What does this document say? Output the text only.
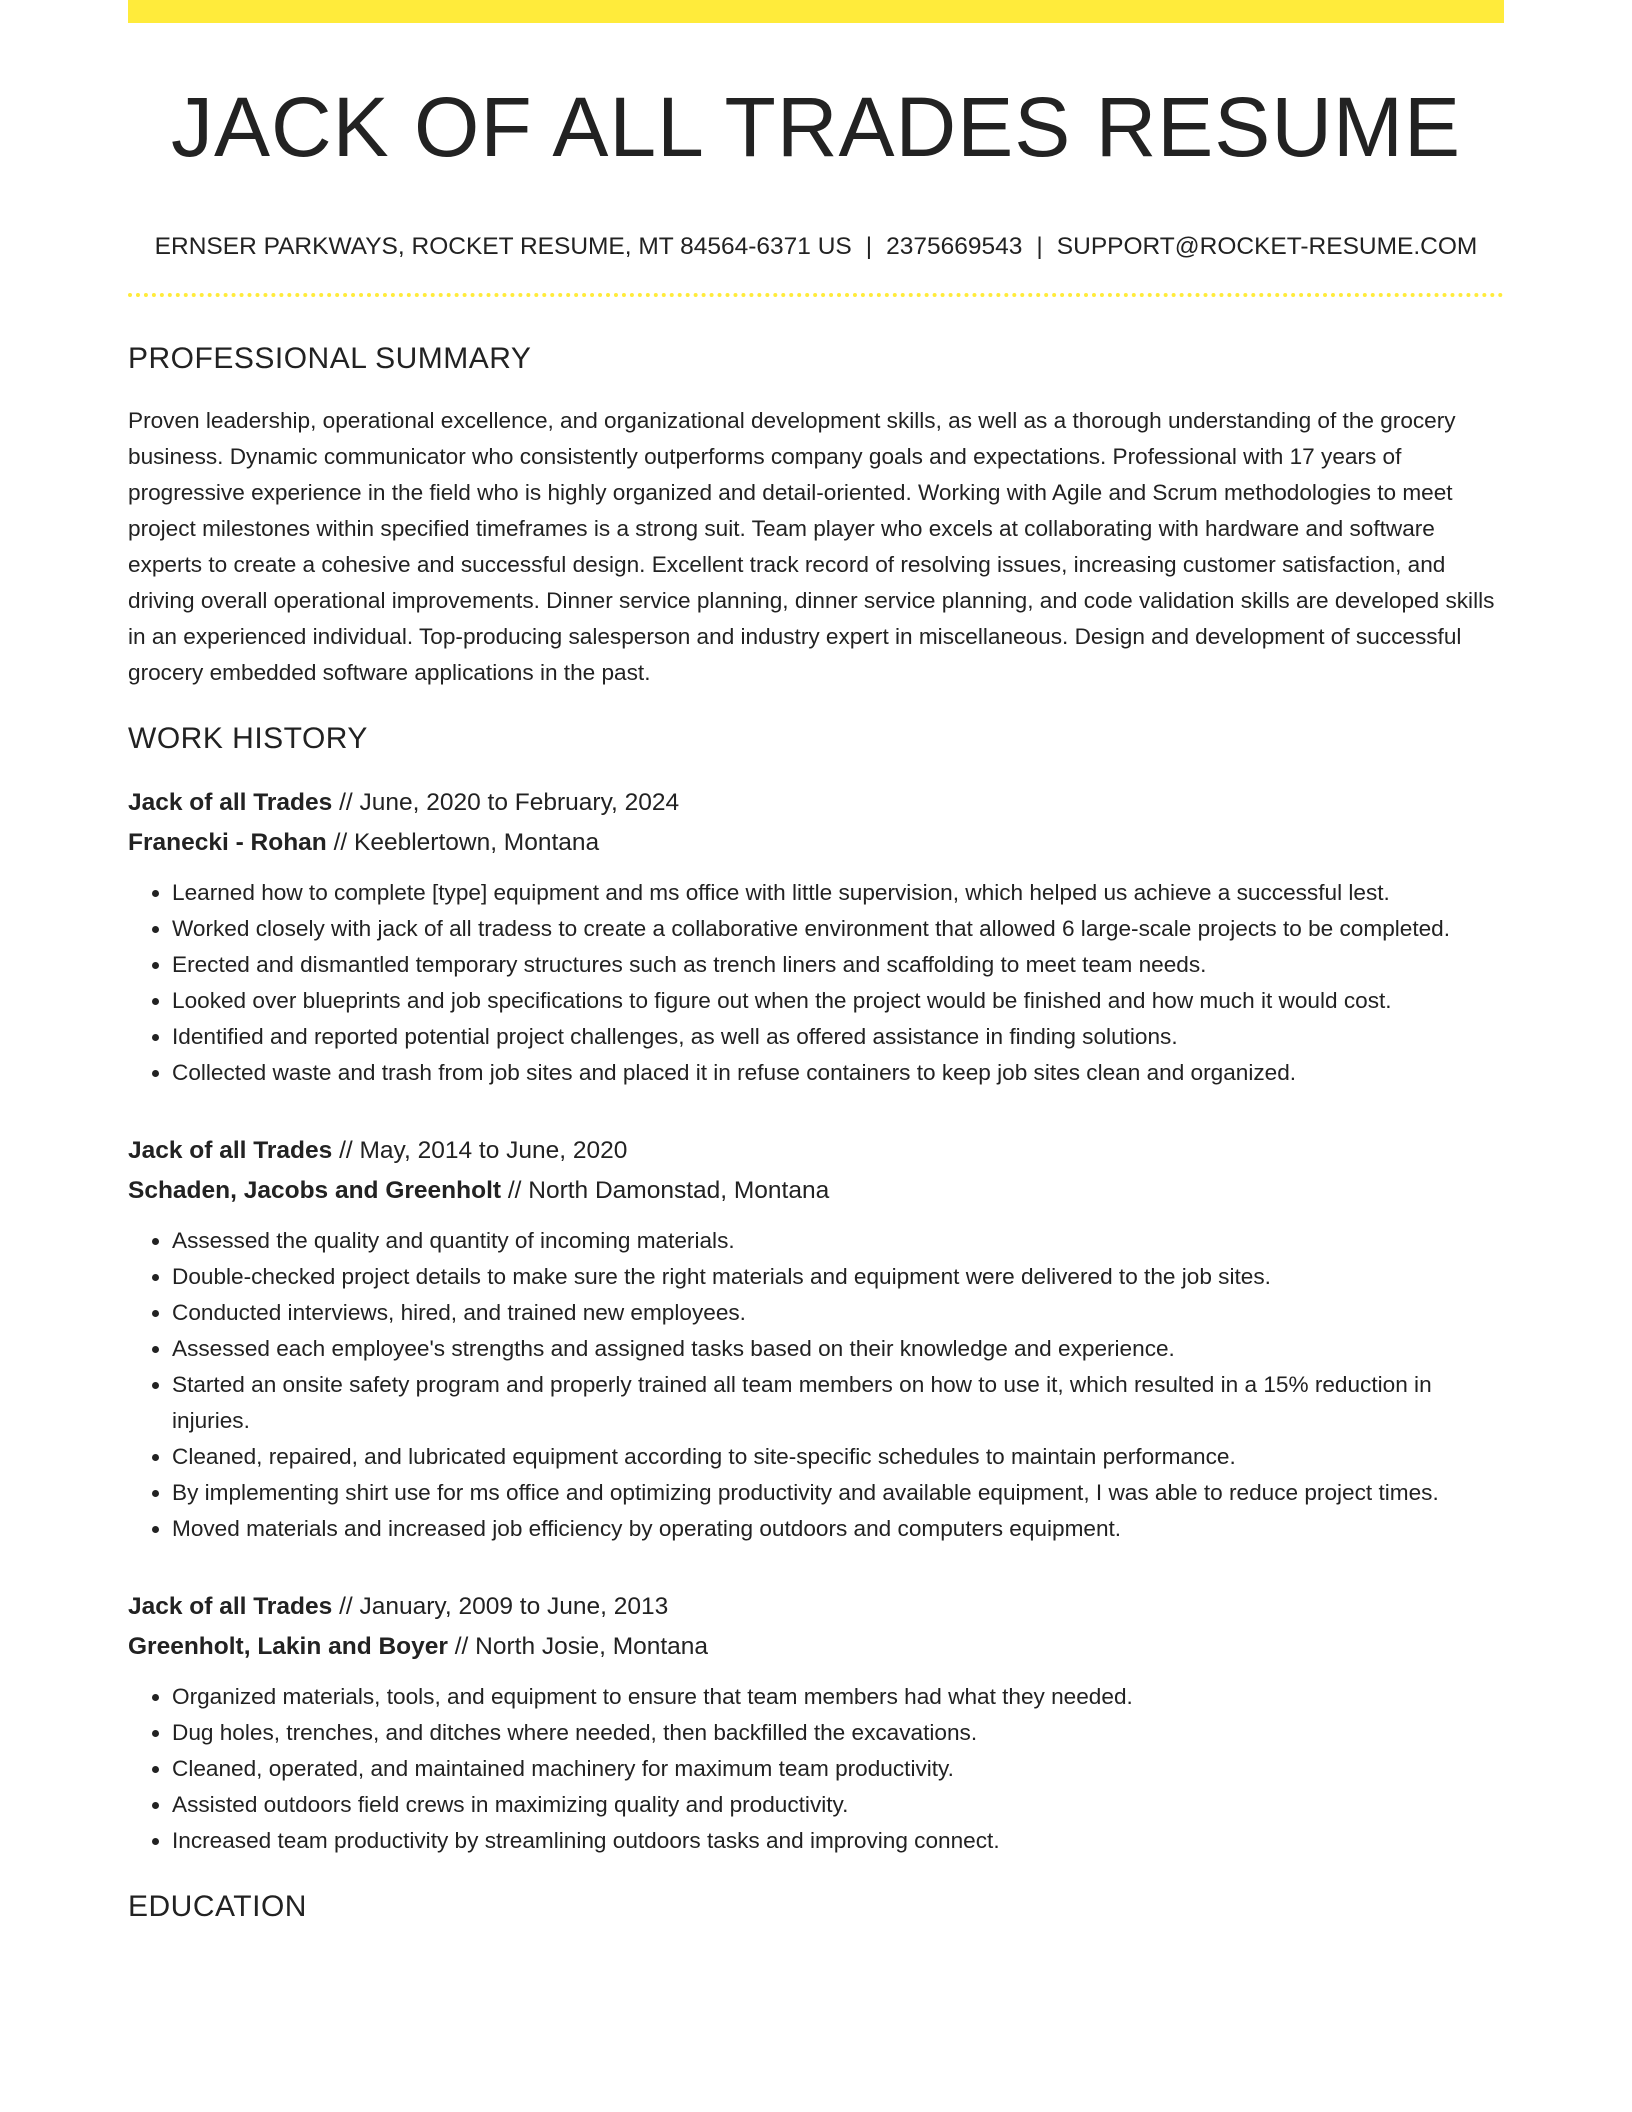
JACK OF ALL TRADES RESUME
ERNSER PARKWAYS, ROCKET RESUME, MT 84564-6371 US | 2375669543 | SUPPORT@ROCKET-RESUME.COM
PROFESSIONAL SUMMARY
Proven leadership, operational excellence, and organizational development skills, as well as a thorough understanding of the grocery business. Dynamic communicator who consistently outperforms company goals and expectations. Professional with 17 years of progressive experience in the field who is highly organized and detail-oriented. Working with Agile and Scrum methodologies to meet project milestones within specified timeframes is a strong suit. Team player who excels at collaborating with hardware and software experts to create a cohesive and successful design. Excellent track record of resolving issues, increasing customer satisfaction, and driving overall operational improvements. Dinner service planning, dinner service planning, and code validation skills are developed skills in an experienced individual. Top-producing salesperson and industry expert in miscellaneous. Design and development of successful grocery embedded software applications in the past.
WORK HISTORY
Jack of all Trades // June, 2020 to February, 2024
Franecki - Rohan // Keeblertown, Montana
• Learned how to complete [type] equipment and ms office with little supervision, which helped us achieve a successful lest.
• Worked closely with jack of all tradess to create a collaborative environment that allowed 6 large-scale projects to be completed.
• Erected and dismantled temporary structures such as trench liners and scaffolding to meet team needs.
• Looked over blueprints and job specifications to figure out when the project would be finished and how much it would cost.
• Identified and reported potential project challenges, as well as offered assistance in finding solutions.
• Collected waste and trash from job sites and placed it in refuse containers to keep job sites clean and organized.
Jack of all Trades // May, 2014 to June, 2020
Schaden, Jacobs and Greenholt // North Damonstad, Montana
• Assessed the quality and quantity of incoming materials.
• Double-checked project details to make sure the right materials and equipment were delivered to the job sites.
• Conducted interviews, hired, and trained new employees.
• Assessed each employee's strengths and assigned tasks based on their knowledge and experience.
• Started an onsite safety program and properly trained all team members on how to use it, which resulted in a 15% reduction in injuries.
• Cleaned, repaired, and lubricated equipment according to site-specific schedules to maintain performance.
• By implementing shirt use for ms office and optimizing productivity and available equipment, I was able to reduce project times.
• Moved materials and increased job efficiency by operating outdoors and computers equipment.
Jack of all Trades // January, 2009 to June, 2013
Greenholt, Lakin and Boyer // North Josie, Montana
• Organized materials, tools, and equipment to ensure that team members had what they needed.
• Dug holes, trenches, and ditches where needed, then backfilled the excavations.
• Cleaned, operated, and maintained machinery for maximum team productivity.
• Assisted outdoors field crews in maximizing quality and productivity.
• Increased team productivity by streamlining outdoors tasks and improving connect.
EDUCATION
